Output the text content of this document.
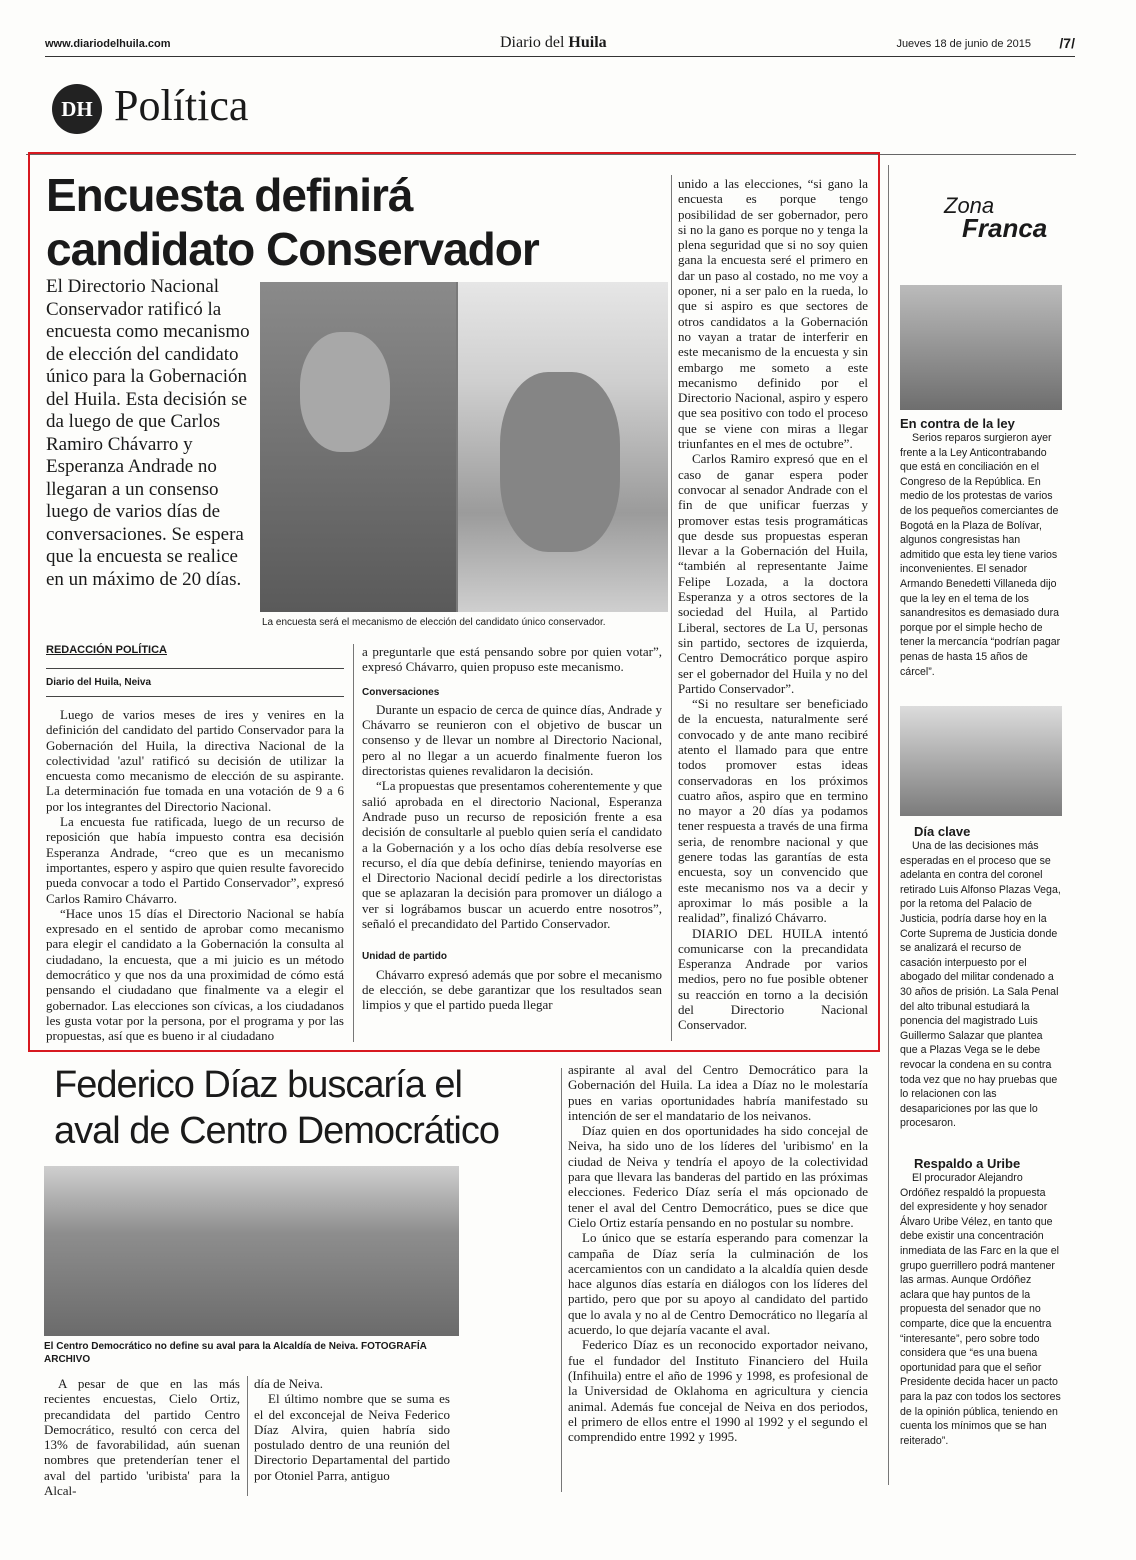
www.diariodelhuila.com	Diario del Huila	Jueves 18 de junio de 2015 /7/
DH Política
Encuesta definirá
candidato Conservador
El Directorio Nacional Conservador ratificó la encuesta como mecanismo de elección del candidato único para la Gobernación del Huila. Esta decisión se da luego de que Carlos Ramiro Chávarro y Esperanza Andrade no llegaran a un consenso luego de varios días de conversaciones. Se espera que la encuesta se realice en un máximo de 20 días.
La encuesta será el mecanismo de elección del candidato único conservador.
REDACCIÓN POLÍTICA
Diario del Huila, Neiva

Luego de varios meses de ires y venires en la definición del candidato del partido Conservador para la Gobernación del Huila, la directiva Nacional de la colectividad 'azul' ratificó su decisión de utilizar la encuesta como mecanismo de elección de su aspirante. La determinación fue tomada en una votación de 9 a 6 por los integrantes del Directorio Nacional.

La encuesta fue ratificada, luego de un recurso de reposición que había impuesto contra esa decisión Esperanza Andrade, “creo que es un mecanismo importantes, espero y aspiro que quien resulte favorecido pueda convocar a todo el Partido Conservador”, expresó Carlos Ramiro Chávarro.

“Hace unos 15 días el Directorio Nacional se había expresado en el sentido de aprobar como mecanismo para elegir el candidato a la Gobernación la consulta al ciudadano, la encuesta, que a mi juicio es un método democrático y que nos da una proximidad de cómo está pensando el ciudadano que finalmente va a elegir el gobernador. Las elecciones son cívicas, a los ciudadanos les gusta votar por la persona, por el programa y por las propuestas, así que es bueno ir al ciudadano

a preguntarle que está pensando sobre por quien votar”, expresó Chávarro, quien propuso este mecanismo.

Conversaciones

Durante un espacio de cerca de quince días, Andrade y Chávarro se reunieron con el objetivo de buscar un consenso y de llevar un nombre al Directorio Nacional, pero al no llegar a un acuerdo finalmente fueron los directoristas quienes revalidaron la decisión.

“La propuestas que presentamos coherentemente y que salió aprobada en el directorio Nacional, Esperanza Andrade puso un recurso de reposición frente a esa decisión de consultarle al pueblo quien sería el candidato a la Gobernación y a los ocho días debía resolverse ese recurso, el día que debía definirse, teniendo mayorías en el Directorio Nacional decidí pedirle a los directoristas que se aplazaran la decisión para promover un diálogo a ver si lográbamos buscar un acuerdo entre nosotros”, señaló el precandidato del Partido Conservador.

Unidad de partido

Chávarro expresó además que por sobre el mecanismo de elección, se debe garantizar que los resultados sean limpios y que el partido pueda llegar

unido a las elecciones, “si gano la encuesta es porque tengo posibilidad de ser gobernador, pero si no la gano es porque no y tenga la plena seguridad que si no soy quien gana la encuesta seré el primero en dar un paso al costado, no me voy a oponer, ni a ser palo en la rueda, lo que si aspiro es que sectores de otros candidatos a la Gobernación no vayan a tratar de interferir en este mecanismo de la encuesta y sin embargo me someto a este mecanismo definido por el Directorio Nacional, aspiro y espero que sea positivo con todo el proceso que se viene con miras a llegar triunfantes en el mes de octubre”.

Carlos Ramiro expresó que en el caso de ganar espera poder convocar al senador Andrade con el fin de que unificar fuerzas y promover estas tesis programáticas que desde sus propuestas esperan llevar a la Gobernación del Huila, “también al representante Jaime Felipe Lozada, a la doctora Esperanza y a otros sectores de la sociedad del Huila, al Partido Liberal, sectores de La U, personas sin partido, sectores de izquierda, Centro Democrático porque aspiro ser el gobernador del Huila y no del Partido Conservador”.

“Si no resultare ser beneficiado de la encuesta, naturalmente seré convocado y de ante mano recibiré atento el llamado para que entre todos promover estas ideas conservadoras en los próximos cuatro años, aspiro que en termino no mayor a 20 días ya podamos tener respuesta a través de una firma seria, de renombre nacional y que genere todas las garantías de esta encuesta, soy un convencido que este mecanismo nos va a decir y aproximar lo más posible a la realidad”, finalizó Chávarro.

DIARIO DEL HUILA intentó comunicarse con la precandidata Esperanza Andrade por varios medios, pero no fue posible obtener su reacción en torno a la decisión del Directorio Nacional Conservador.

Federico Díaz buscaría el
aval de Centro Democrático
El Centro Democrático no define su aval para la Alcaldía de Neiva. FOTOGRAFÍA ARCHIVO

A pesar de que en las más recientes encuestas, Cielo Ortiz, precandidata del partido Centro Democrático, resultó con cerca del 13% de favorabilidad, aún suenan nombres que pretenderían tener el aval del partido 'uribista' para la Alcal-

día de Neiva.

El último nombre que se suma es el del exconcejal de Neiva Federico Díaz Alvira, quien habría sido postulado dentro de una reunión del Directorio Departamental del partido por Otoniel Parra, antiguo

aspirante al aval del Centro Democrático para la Gobernación del Huila. La idea a Díaz no le molestaría pues en varias oportunidades habría manifestado su intención de ser el mandatario de los neivanos.

Díaz quien en dos oportunidades ha sido concejal de Neiva, ha sido uno de los líderes del 'uribismo' en la ciudad de Neiva y tendría el apoyo de la colectividad para que llevara las banderas del partido en las próximas elecciones. Federico Díaz sería el más opcionado de tener el aval del Centro Democrático, pues se dice que Cielo Ortiz estaría pensando en no postular su nombre.

Lo único que se estaría esperando para comenzar la campaña de Díaz sería la culminación de los acercamientos con un candidato a la alcaldía quien desde hace algunos días estaría en diálogos con los líderes del partido, pero que por su apoyo al candidato del partido que lo avala y no al de Centro Democrático no llegaría al acuerdo, lo que dejaría vacante el aval.

Federico Díaz es un reconocido exportador neivano, fue el fundador del Instituto Financiero del Huila (Infihuila) entre el año de 1996 y 1998, es profesional de la Universidad de Oklahoma en agricultura y ciencia animal. Además fue concejal de Neiva en dos periodos, el primero de ellos entre el 1990 al 1992 y el segundo el comprendido entre 1992 y 1995.

Zona
Franca
En contra de la ley

Serios reparos surgieron ayer frente a la Ley Anticontrabando que está en conciliación en el Congreso de la República. En medio de los protestas de varios de los pequeños comerciantes de Bogotá en la Plaza de Bolívar, algunos congresistas han admitido que esta ley tiene varios inconvenientes. El senador Armando Benedetti Villaneda dijo que la ley en el tema de los sanandresitos es demasiado dura porque por el simple hecho de tener la mercancía “podrían pagar penas de hasta 15 años de cárcel”.

Día clave

Una de las decisiones más esperadas en el proceso que se adelanta en contra del coronel retirado Luis Alfonso Plazas Vega, por la retoma del Palacio de Justicia, podría darse hoy en la Corte Suprema de Justicia donde se analizará el recurso de casación interpuesto por el abogado del militar condenado a 30 años de prisión. La Sala Penal del alto tribunal estudiará la ponencia del magistrado Luis Guillermo Salazar que plantea que a Plazas Vega se le debe revocar la condena en su contra toda vez que no hay pruebas que lo relacionen con las desapariciones por las que lo procesaron.

Respaldo a Uribe

El procurador Alejandro Ordóñez respaldó la propuesta del expresidente y hoy senador Álvaro Uribe Vélez, en tanto que debe existir una concentración inmediata de las Farc en la que el grupo guerrillero podrá mantener las armas. Aunque Ordóñez aclara que hay puntos de la propuesta del senador que no comparte, dice que la encuentra “interesante”, pero sobre todo considera que “es una buena oportunidad para que el señor Presidente decida hacer un pacto para la paz con todos los sectores de la opinión pública, teniendo en cuenta los mínimos que se han reiterado”.
